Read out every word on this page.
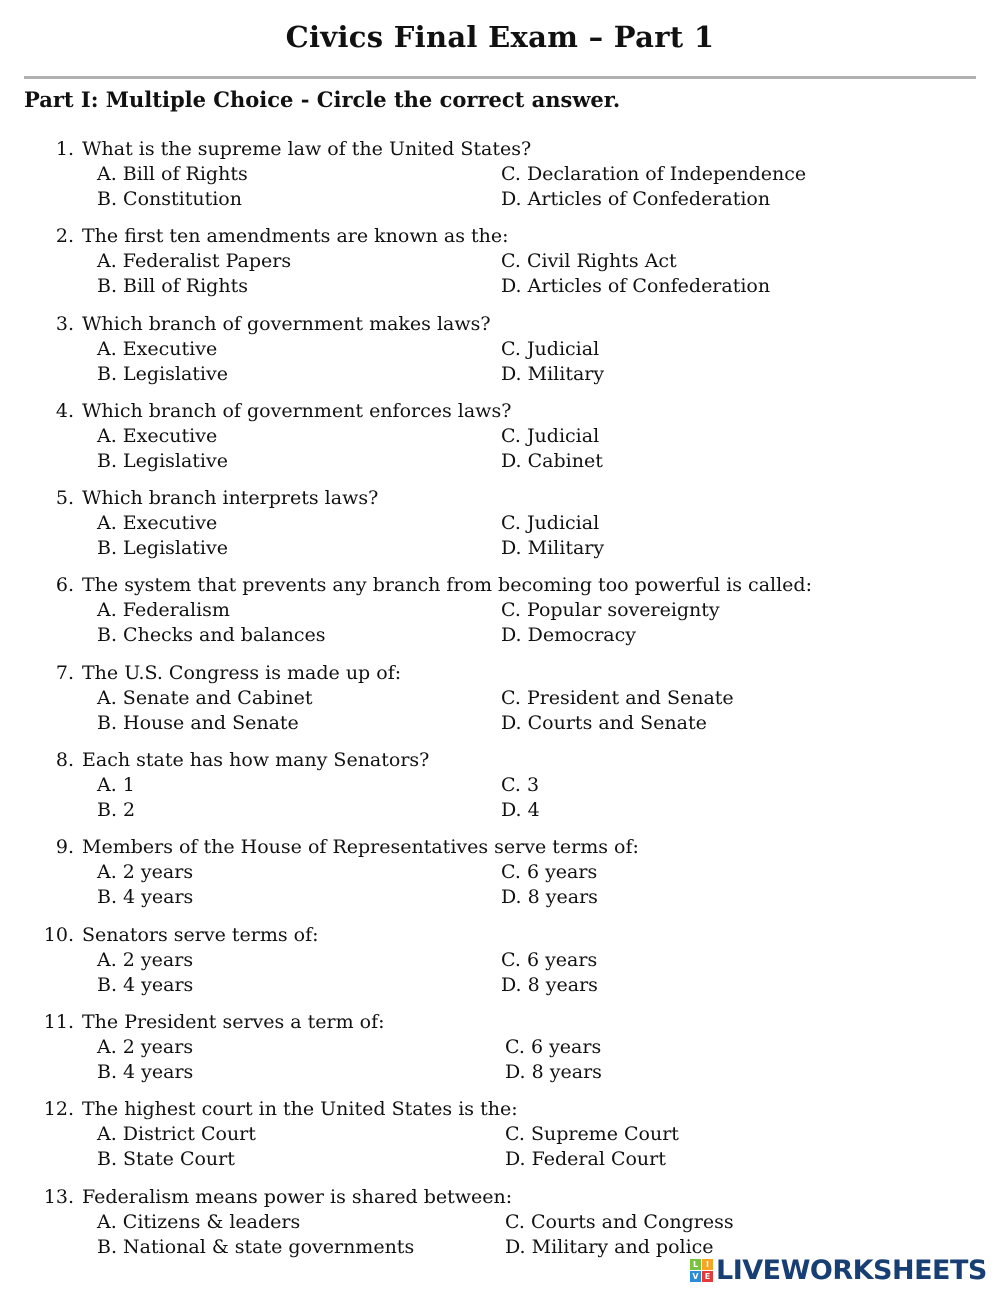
Civics Final Exam – Part 1
Part I: Multiple Choice - Circle the correct answer.
1. What is the supreme law of the United States?
A. Bill of Rights
B. Constitution
C. Declaration of Independence
D. Articles of Confederation
2. The first ten amendments are known as the:
A. Federalist Papers
B. Bill of Rights
C. Civil Rights Act
D. Articles of Confederation
3. Which branch of government makes laws?
A. Executive
B. Legislative
C. Judicial
D. Military
4. Which branch of government enforces laws?
A. Executive
B. Legislative
C. Judicial
D. Cabinet
5. Which branch interprets laws?
A. Executive
B. Legislative
C. Judicial
D. Military
6. The system that prevents any branch from becoming too powerful is called:
A. Federalism
B. Checks and balances
C. Popular sovereignty
D. Democracy
7. The U.S. Congress is made up of:
A. Senate and Cabinet
B. House and Senate
C. President and Senate
D. Courts and Senate
8. Each state has how many Senators?
A. 1
B. 2
C. 3
D. 4
9. Members of the House of Representatives serve terms of:
A. 2 years
B. 4 years
C. 6 years
D. 8 years
10. Senators serve terms of:
A. 2 years
B. 4 years
C. 6 years
D. 8 years
11. The President serves a term of:
A. 2 years
B. 4 years
C. 6 years
D. 8 years
12. The highest court in the United States is the:
A. District Court
B. State Court
C. Supreme Court
D. Federal Court
13. Federalism means power is shared between:
A. Citizens & leaders
B. National & state governments
C. Courts and Congress
D. Military and police
L I
V E LIVEWORKSHEETS
